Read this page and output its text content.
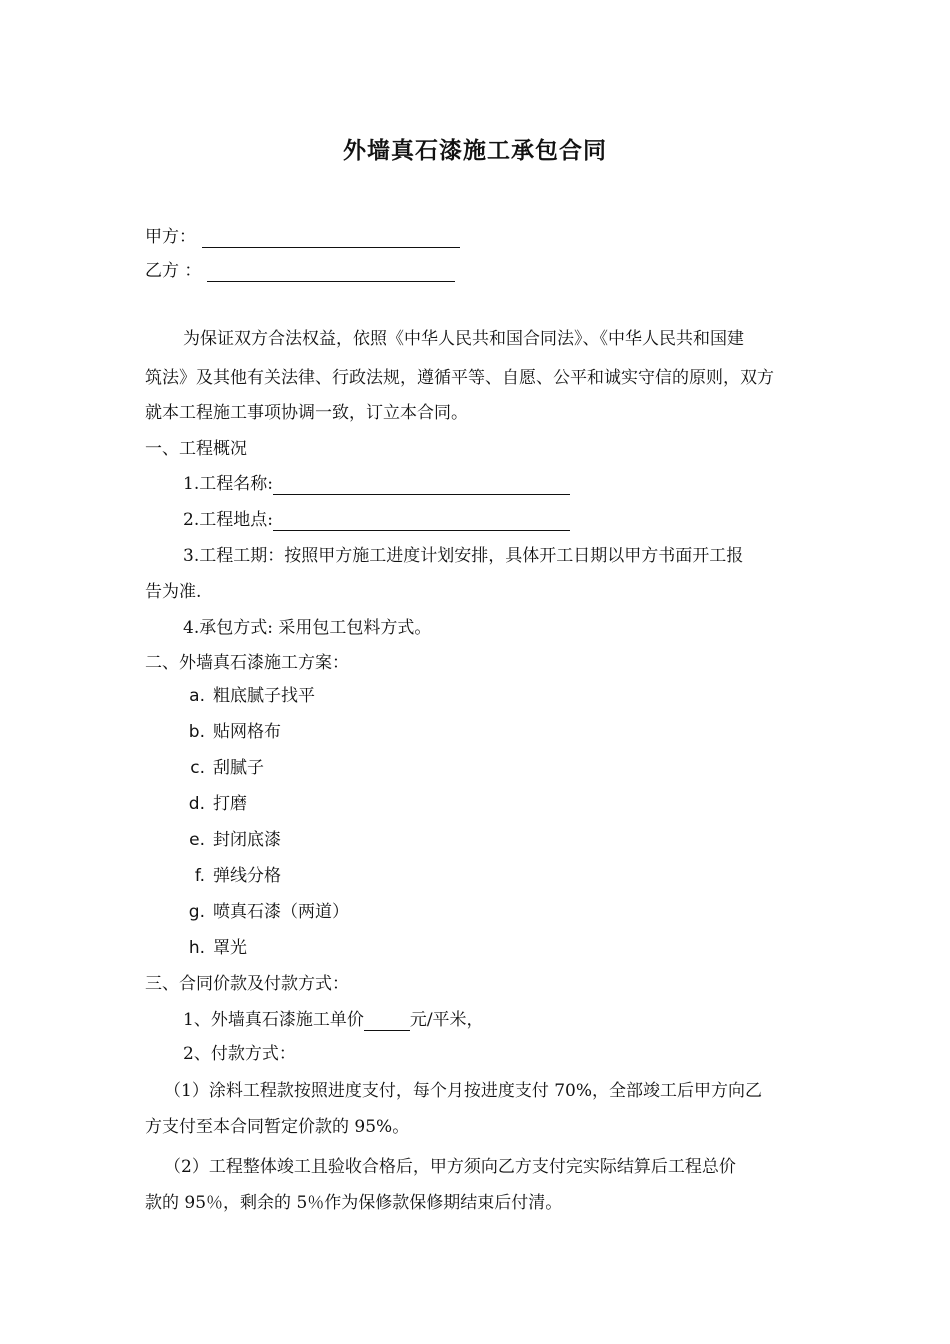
外墙真石漆施工承包合同
甲方：
乙方 ：
为保证双方合法权益，依照《中华人民共和国合同法》、《中华人民共和国建
筑法》及其他有关法律、行政法规，遵循平等、自愿、公平和诚实守信的原则，双方
就本工程施工事项协调一致，订立本合同。
一、工程概况
1.工程名称:
2.工程地点:
3.工程工期：按照甲方施工进度计划安排，具体开工日期以甲方书面开工报
告为准.
4.承包方式: 采用包工包料方式。
二、外墙真石漆施工方案：
a. 粗底腻子找平
b. 贴网格布
c. 刮腻子
d. 打磨
e. 封闭底漆
f. 弹线分格
g. 喷真石漆（两道）
h. 罩光
三、合同价款及付款方式：
1、外墙真石漆施工单价	元/平米，
2、付款方式：
（1）涂料工程款按照进度支付，每个月按进度支付 70%，全部竣工后甲方向乙
方支付至本合同暂定价款的 95%。
（2）工程整体竣工且验收合格后，甲方须向乙方支付完实际结算后工程总价
款的 95％，剩余的 5％作为保修款保修期结束后付清。
